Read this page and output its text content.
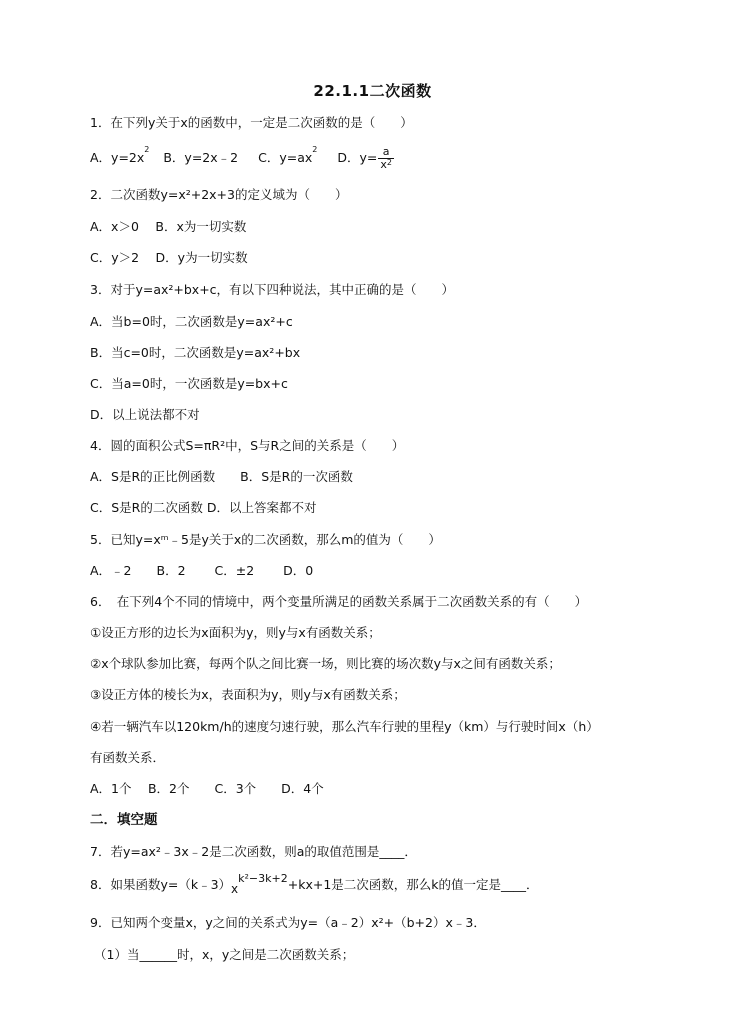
22.1.1二次函数
1．在下列y关于x的函数中，一定是二次函数的是（　　）
A．$y=2x^2$ B．y=2x﹣2 C．$y=ax^2$ D．$y= \frac{a}{x^2}$
2．二次函数y=x²+2x+3的定义域为（　　）
A．x＞0　 B．x为一切实数
C．y＞2　 D．y为一切实数
3．对于y=ax²+bx+c，有以下四种说法，其中正确的是（　　）
A．当b=0时，二次函数是y=ax²+c
B．当c=0时，二次函数是y=ax²+bx
C．当a=0时，一次函数是y=bx+c
D．以上说法都不对
4．圆的面积公式S=πR²中，S与R之间的关系是（　　）
A．S是R的正比例函数　　B．S是R的一次函数
C．S是R的二次函数 D．以上答案都不对
5．已知y=xᵐ﹣5是y关于x的二次函数，那么m的值为（　　）
A．﹣2　　B．2　　 C．±2　　 D．0
6．　在下列4个不同的情境中，两个变量所满足的函数关系属于二次函数关系的有（　　）
①设正方形的边长为x面积为y，则y与x有函数关系；
②x个球队参加比赛，每两个队之间比赛一场，则比赛的场次数y与x之间有函数关系；
③设正方体的棱长为x，表面积为y，则y与x有函数关系；
④若一辆汽车以120km/h的速度匀速行驶，那么汽车行驶的里程y（km）与行驶时间x（h）
有函数关系．
A．1个　 B．2个　　C．3个　　D．4个
二．填空题
7．若y=ax²﹣3x﹣2是二次函数，则a的取值范围是____．
8．如果函数y=（k﹣3）xk²−3k+2+kx+1是二次函数，那么k的值一定是____．
9．已知两个变量x，y之间的关系式为y=（a﹣2）x²+（b+2）x﹣3．
（1）当______时，x，y之间是二次函数关系；
